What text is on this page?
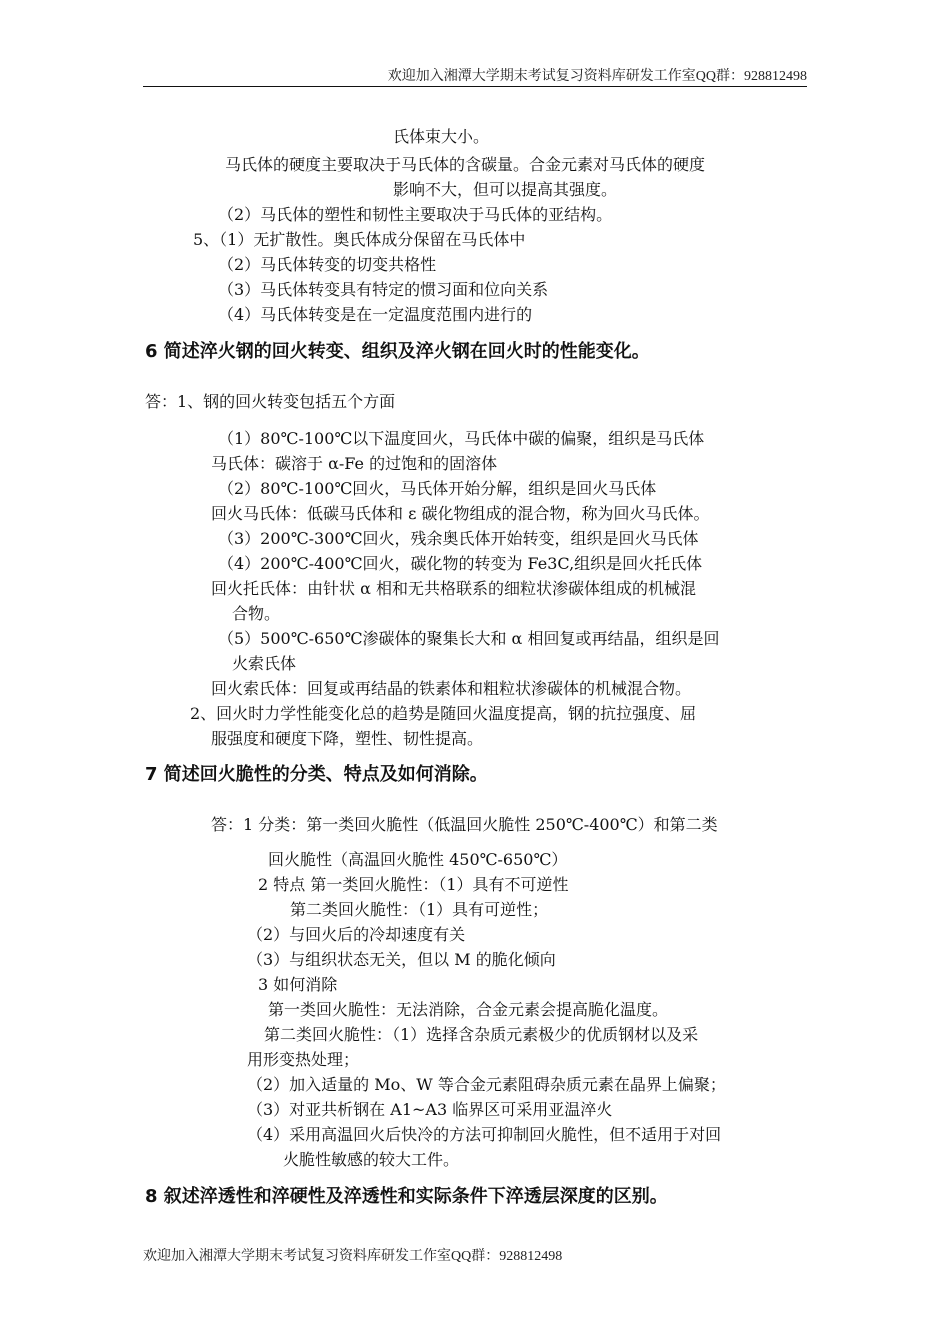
欢迎加入湘潭大学期末考试复习资料库研发工作室QQ群：928812498
氏体束大小。
马氏体的硬度主要取决于马氏体的含碳量。合金元素对马氏体的硬度
影响不大，但可以提高其强度。
（2）马氏体的塑性和韧性主要取决于马氏体的亚结构。
5、（1）无扩散性。奥氏体成分保留在马氏体中
（2）马氏体转变的切变共格性
（3）马氏体转变具有特定的惯习面和位向关系
（4）马氏体转变是在一定温度范围内进行的
6 简述淬火钢的回火转变、组织及淬火钢在回火时的性能变化。
答：1、钢的回火转变包括五个方面
（1）80℃-100℃以下温度回火，马氏体中碳的偏聚，组织是马氏体
马氏体：碳溶于 α-Fe 的过饱和的固溶体
（2）80℃-100℃回火，马氏体开始分解，组织是回火马氏体
回火马氏体：低碳马氏体和 ε 碳化物组成的混合物，称为回火马氏体。
（3）200℃-300℃回火，残余奥氏体开始转变，组织是回火马氏体
（4）200℃-400℃回火，碳化物的转变为 Fe3C,组织是回火托氏体
回火托氏体：由针状 α 相和无共格联系的细粒状渗碳体组成的机械混
合物。
（5）500℃-650℃渗碳体的聚集长大和 α 相回复或再结晶，组织是回
火索氏体
回火索氏体：回复或再结晶的铁素体和粗粒状渗碳体的机械混合物。
2、回火时力学性能变化总的趋势是随回火温度提高，钢的抗拉强度、屈
服强度和硬度下降，塑性、韧性提高。
7 简述回火脆性的分类、特点及如何消除。
答：1 分类：第一类回火脆性（低温回火脆性 250℃-400℃）和第二类
回火脆性（高温回火脆性 450℃-650℃）
2 特点 第一类回火脆性：（1）具有不可逆性
第二类回火脆性：（1）具有可逆性；
（2）与回火后的冷却速度有关
（3）与组织状态无关，但以 M 的脆化倾向
3 如何消除
第一类回火脆性：无法消除，合金元素会提高脆化温度。
第二类回火脆性：（1）选择含杂质元素极少的优质钢材以及采
用形变热处理；
（2）加入适量的 Mo、W 等合金元素阻碍杂质元素在晶界上偏聚；
（3）对亚共析钢在 A1~A3 临界区可采用亚温淬火
（4）采用高温回火后快冷的方法可抑制回火脆性，但不适用于对回
火脆性敏感的较大工件。
8 叙述淬透性和淬硬性及淬透性和实际条件下淬透层深度的区别。
欢迎加入湘潭大学期末考试复习资料库研发工作室QQ群：928812498
